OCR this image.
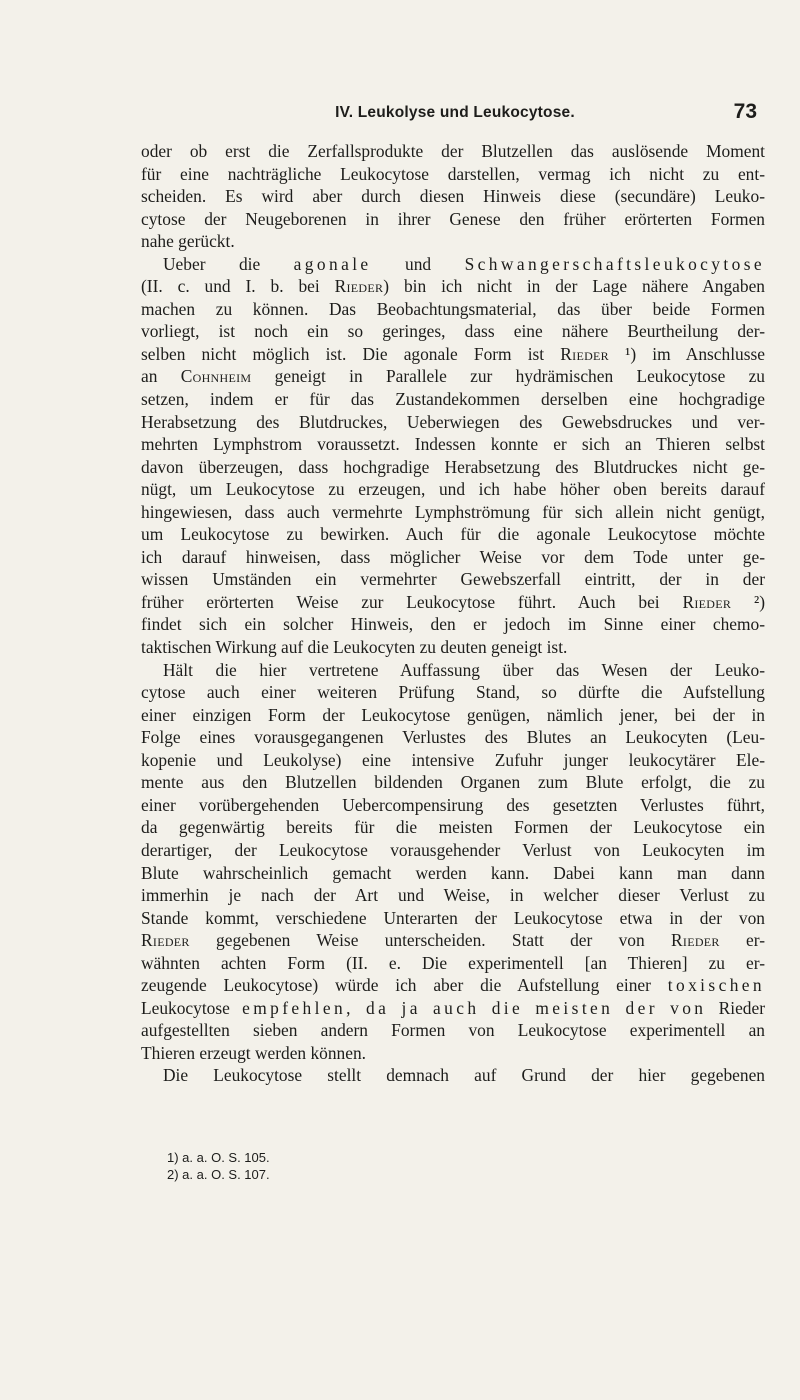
IV. Leukolyse und Leukocytose.	73
oder ob erst die Zerfallsprodukte der Blutzellen das auslösende Moment
für eine nachträgliche Leukocytose darstellen, vermag ich nicht zu ent-
scheiden. Es wird aber durch diesen Hinweis diese (secundäre) Leuko-
cytose der Neugeborenen in ihrer Genese den früher erörterten Formen
nahe gerückt.
Ueber die agonale und Schwangerschaftsleukocytose
(II. c. und I. b. bei Rieder) bin ich nicht in der Lage nähere Angaben
machen zu können. Das Beobachtungsmaterial, das über beide Formen
vorliegt, ist noch ein so geringes, dass eine nähere Beurtheilung der-
selben nicht möglich ist. Die agonale Form ist Rieder ¹) im Anschlusse
an Cohnheim geneigt in Parallele zur hydrämischen Leukocytose zu
setzen, indem er für das Zustandekommen derselben eine hochgradige
Herabsetzung des Blutdruckes, Ueberwiegen des Gewebsdruckes und ver-
mehrten Lymphstrom voraussetzt. Indessen konnte er sich an Thieren selbst
davon überzeugen, dass hochgradige Herabsetzung des Blutdruckes nicht ge-
nügt, um Leukocytose zu erzeugen, und ich habe höher oben bereits darauf
hingewiesen, dass auch vermehrte Lymphströmung für sich allein nicht genügt,
um Leukocytose zu bewirken. Auch für die agonale Leukocytose möchte
ich darauf hinweisen, dass möglicher Weise vor dem Tode unter ge-
wissen Umständen ein vermehrter Gewebszerfall eintritt, der in der
früher erörterten Weise zur Leukocytose führt. Auch bei Rieder ²)
findet sich ein solcher Hinweis, den er jedoch im Sinne einer chemo-
taktischen Wirkung auf die Leukocyten zu deuten geneigt ist.
Hält die hier vertretene Auffassung über das Wesen der Leuko-
cytose auch einer weiteren Prüfung Stand, so dürfte die Aufstellung
einer einzigen Form der Leukocytose genügen, nämlich jener, bei der in
Folge eines vorausgegangenen Verlustes des Blutes an Leukocyten (Leu-
kopenie und Leukolyse) eine intensive Zufuhr junger leukocytärer Ele-
mente aus den Blutzellen bildenden Organen zum Blute erfolgt, die zu
einer vorübergehenden Uebercompensirung des gesetzten Verlustes führt,
da gegenwärtig bereits für die meisten Formen der Leukocytose ein
derartiger, der Leukocytose vorausgehender Verlust von Leukocyten im
Blute wahrscheinlich gemacht werden kann. Dabei kann man dann
immerhin je nach der Art und Weise, in welcher dieser Verlust zu
Stande kommt, verschiedene Unterarten der Leukocytose etwa in der von
Rieder gegebenen Weise unterscheiden. Statt der von Rieder er-
wähnten achten Form (II. e. Die experimentell [an Thieren] zu er-
zeugende Leukocytose) würde ich aber die Aufstellung einer toxischen
Leukocytose empfehlen, da ja auch die meisten der von Rieder
aufgestellten sieben andern Formen von Leukocytose experimentell an
Thieren erzeugt werden können.
Die Leukocytose stellt demnach auf Grund der hier gegebenen
1) a. a. O. S. 105.
2) a. a. O. S. 107.
